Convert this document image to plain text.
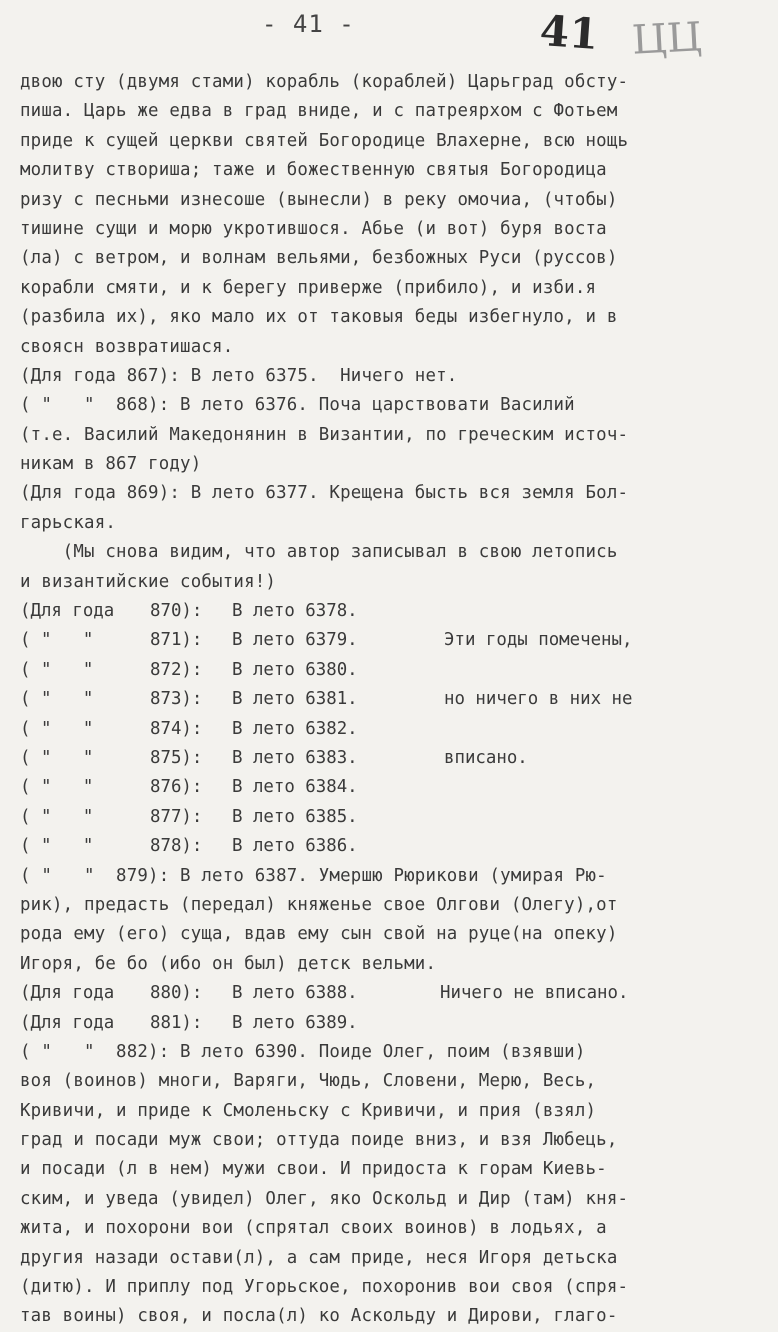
- 41 -	41 ЦЦ
двою сту (двумя стами) корабль (кораблей) Царьград обсту-
пиша. Царь же едва в град вниде, и с патреярхом с Фотьем
приде к сущей церкви святей Богородице Влахерне, всю нощь
молитву створиша; таже и божественную святыя Богородица
ризу с песньми изнесоше (вынесли) в реку омочиа, (чтобы)
тишине сущи и морю укротившося. Абье (и вот) буря воста
(ла) с ветром, и волнам вельями, безбожных Руси (руссов)
корабли смяти, и к берегу приверже (прибило), и изби.я
(разбила их), яко мало их от таковыя беды избегнуло, и в
своясн возвратишася.
(Для года 867): В лето 6375.  Ничего нет.
( "   "  868): В лето 6376. Поча царствовати Василий
(т.е. Василий Македонянин в Византии, по греческим источ-
никам в 867 году)
(Для года 869): В лето 6377. Крещена бысть вся земля Бол-
гарьская.
(Мы снова видим, что автор записывал в свою летопись
и византийские события!)
(Для года 870): В лето 6378.
( "   "	871): В лето 6379.	Эти годы помечены,
( "   "	872): В лето 6380.
( "   "	873): В лето 6381.	но ничего в них не
( "   "	874): В лето 6382.
( "   "	875): В лето 6383.	вписано.
( "   "	876): В лето 6384.
( "   "	877): В лето 6385.
( "   "	878): В лето 6386.
( "   "  879): В лето 6387. Умершю Рюрикови (умирая Рю-
рик), предасть (передал) княженье свое Олгови (Олегу),от
рода ему (его) суща, вдав ему сын свой на руце(на опеку)
Игоря, бе бо (ибо он был) детск вельми.
(Для года 880): В лето 6388.	Ничего не вписано.
(Для года 881): В лето 6389.
( "   "  882): В лето 6390. Поиде Олег, поим (взявши)
воя (воинов) многи, Варяги, Чюдь, Словени, Мерю, Весь,
Кривичи, и приде к Смоленьску с Кривичи, и прия (взял)
град и посади муж свои; оттуда поиде вниз, и взя Любець,
и посади (л в нем) мужи свои. И придоста к горам Киевь-
ским, и уведа (увидел) Олег, яко Оскольд и Дир (там) кня-
жита, и похорони вои (спрятал своих воинов) в лодьях, а
другия назади остави(л), а сам приде, неся Игоря детьска
(дитю). И приплу под Угорьское, похоронив вои своя (спря-
тав воины) своя, и посла(л) ко Аскольду и Дирови, глаго-
